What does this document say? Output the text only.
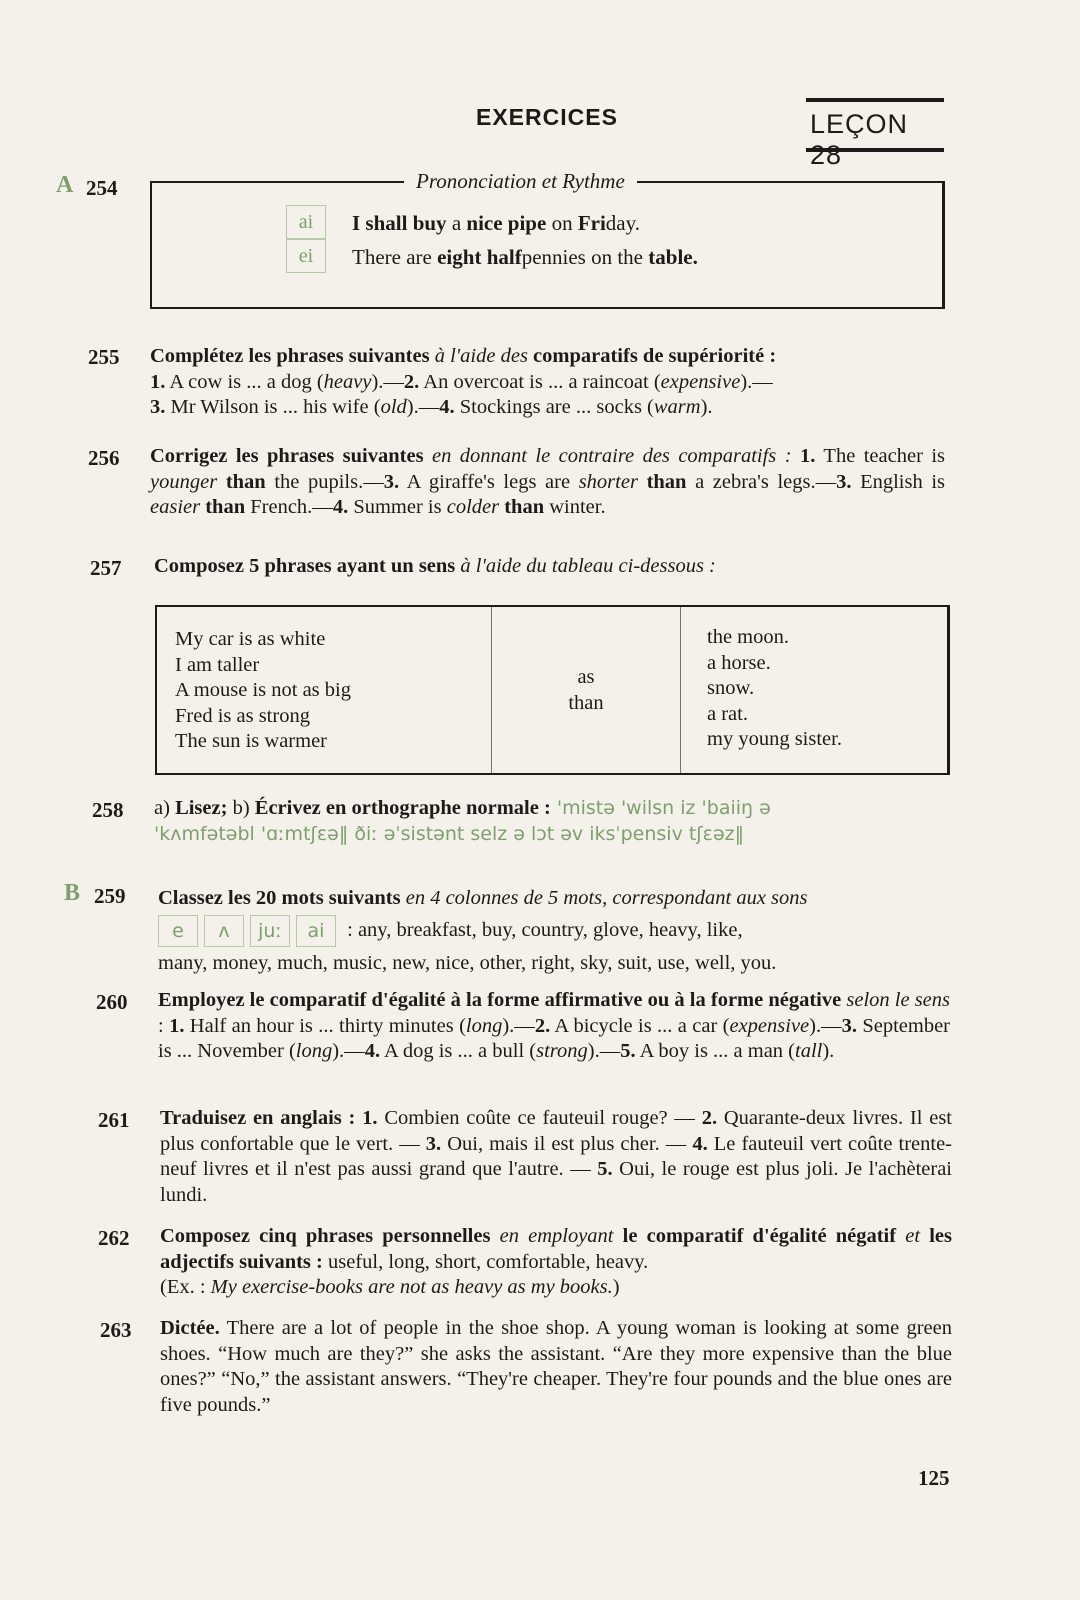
EXERCICES	LEÇON 28
A 254	Prononciation et Rythme
ai
ei
I shall buy a nice pipe on Friday.
There are eight halfpennies on the table.
255 Complétez les phrases suivantes à l'aide des comparatifs de supériorité :
1. A cow is ... a dog (heavy).—2. An overcoat is ... a raincoat (expensive).—
3. Mr Wilson is ... his wife (old).—4. Stockings are ... socks (warm).
256 Corrigez les phrases suivantes en donnant le contraire des comparatifs : 1. The teacher is younger than the pupils.—3. A giraffe's legs are shorter than a zebra's legs.—3. English is easier than French.—4. Summer is colder than winter.
257 Composez 5 phrases ayant un sens à l'aide du tableau ci-dessous :
My car is as white
I am taller
A mouse is not as big
Fred is as strong
The sun is warmer
as
than
the moon.
a horse.
snow.
a rat.
my young sister.
258 a) Lisez; b) Écrivez en orthographe normale : 'mistə 'wilsn iz 'baiiŋ ə
'kʌmfətəbl 'ɑːmtʃɛə‖ ðiː əˈsistənt selz ə lɔt əv iksˈpensiv tʃɛəz‖
B 259 Classez les 20 mots suivants en 4 colonnes de 5 mots, correspondant aux sons
e ʌ juː ai : any, breakfast, buy, country, glove, heavy, like,
many, money, much, music, new, nice, other, right, sky, suit, use, well, you.
260 Employez le comparatif d'égalité à la forme affirmative ou à la forme négative selon le sens : 1. Half an hour is ... thirty minutes (long).—2. A bicycle is ... a car (expensive).—3. September is ... November (long).—4. A dog is ... a bull (strong).—5. A boy is ... a man (tall).
261 Traduisez en anglais : 1. Combien coûte ce fauteuil rouge? — 2. Quarante-deux livres. Il est plus confortable que le vert. — 3. Oui, mais il est plus cher. — 4. Le fauteuil vert coûte trente-neuf livres et il n'est pas aussi grand que l'autre. — 5. Oui, le rouge est plus joli. Je l'achèterai lundi.
262 Composez cinq phrases personnelles en employant le comparatif d'égalité négatif et les adjectifs suivants : useful, long, short, comfortable, heavy.
(Ex. : My exercise-books are not as heavy as my books.)
263 Dictée. There are a lot of people in the shoe shop. A young woman is looking at some green shoes. “How much are they?” she asks the assistant. “Are they more expensive than the blue ones?” “No,” the assistant answers. “They're cheaper. They're four pounds and the blue ones are five pounds.”
125
